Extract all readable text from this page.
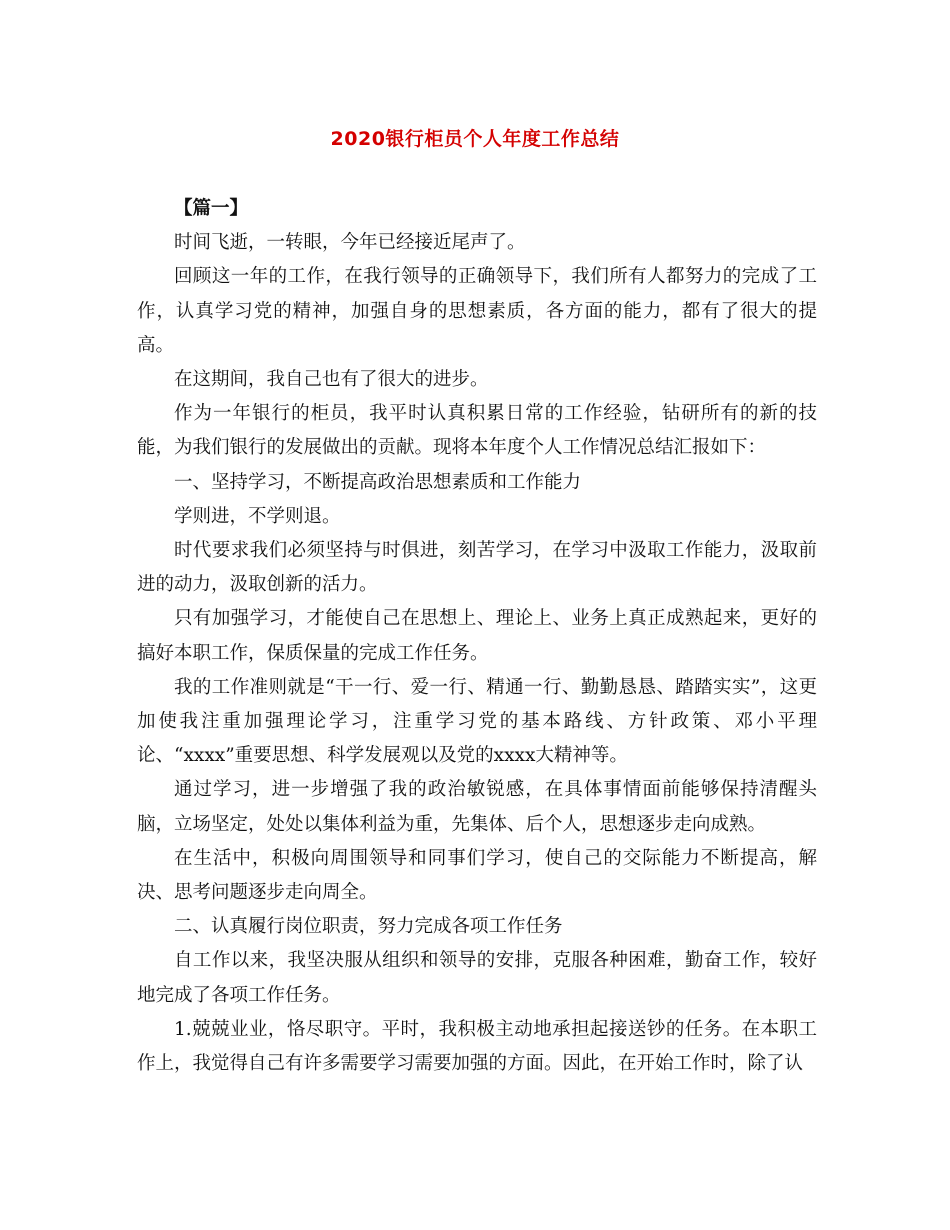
2020银行柜员个人年度工作总结

【篇一】

时间飞逝，一转眼，今年已经接近尾声了。

回顾这一年的工作，在我行领导的正确领导下，我们所有人都努力的完成了工作，认真学习党的精神，加强自身的思想素质，各方面的能力，都有了很大的提高。

在这期间，我自己也有了很大的进步。

作为一年银行的柜员，我平时认真积累日常的工作经验，钻研所有的新的技能，为我们银行的发展做出的贡献。现将本年度个人工作情况总结汇报如下：

一、坚持学习，不断提高政治思想素质和工作能力

学则进，不学则退。

时代要求我们必须坚持与时俱进，刻苦学习，在学习中汲取工作能力，汲取前进的动力，汲取创新的活力。

只有加强学习，才能使自己在思想上、理论上、业务上真正成熟起来，更好的搞好本职工作，保质保量的完成工作任务。

我的工作准则就是“干一行、爱一行、精通一行、勤勤恳恳、踏踏实实”，这更加使我注重加强理论学习，注重学习党的基本路线、方针政策、邓小平理论、“xxxx”重要思想、科学发展观以及党的xxxx大精神等。

通过学习，进一步增强了我的政治敏锐感，在具体事情面前能够保持清醒头脑，立场坚定，处处以集体利益为重，先集体、后个人，思想逐步走向成熟。

在生活中，积极向周围领导和同事们学习，使自己的交际能力不断提高，解决、思考问题逐步走向周全。

二、认真履行岗位职责，努力完成各项工作任务

自工作以来，我坚决服从组织和领导的安排，克服各种困难，勤奋工作，较好地完成了各项工作任务。

1.兢兢业业，恪尽职守。平时，我积极主动地承担起接送钞的任务。在本职工作上，我觉得自己有许多需要学习需要加强的方面。因此，在开始工作时，除了认
